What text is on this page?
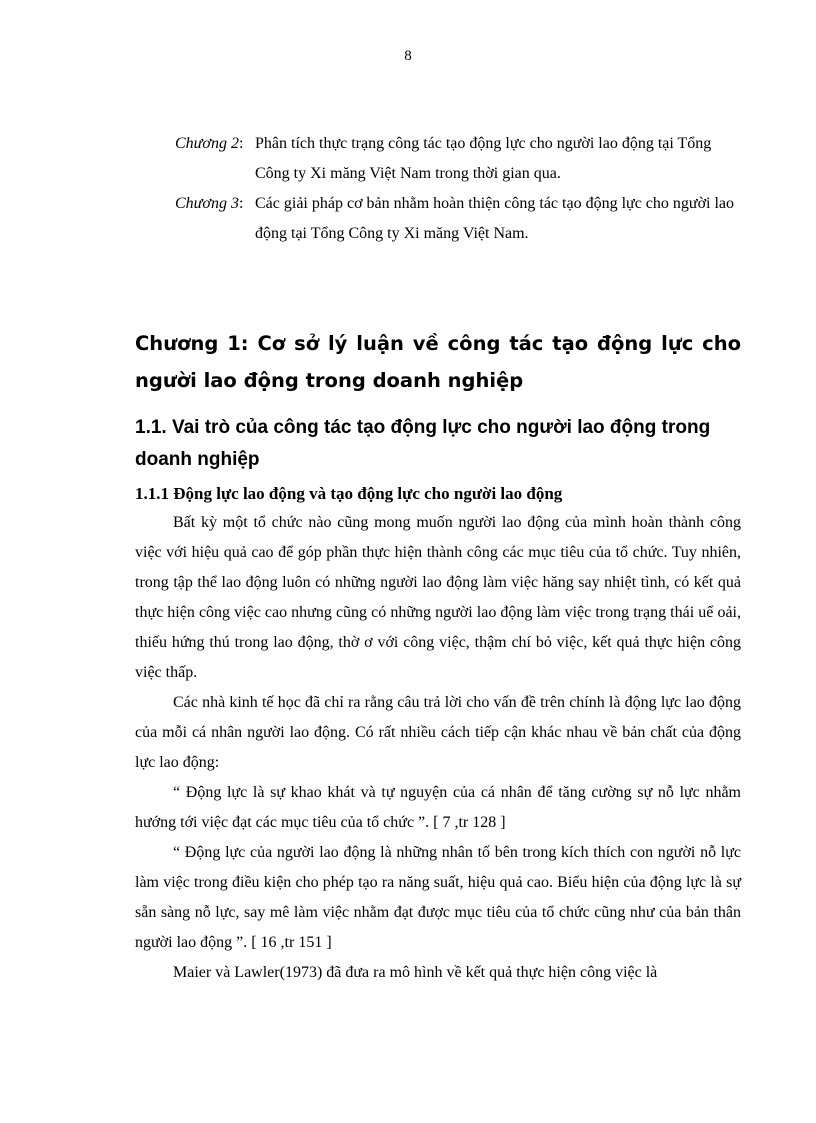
8
Chương 2: Phân tích thực trạng công tác tạo động lực cho người lao động tại Tổng Công ty Xi măng Việt Nam trong thời gian qua.
Chương 3: Các giải pháp cơ bản nhằm hoàn thiện công tác tạo động lực cho người lao động tại Tổng Công ty Xi măng Việt Nam.
Chương 1: Cơ sở lý luận về công tác tạo động lực cho người lao động trong doanh nghiệp
1.1. Vai trò của công tác tạo động lực cho người lao động trong doanh nghiệp
1.1.1 Động lực lao động và tạo động lực cho người lao động

Bất kỳ một tổ chức nào cũng mong muốn người lao động của mình hoàn thành công việc với hiệu quả cao để góp phần thực hiện thành công các mục tiêu của tổ chức. Tuy nhiên, trong tập thể lao động luôn có những người lao động làm việc hăng say nhiệt tình, có kết quả thực hiện công việc cao nhưng cũng có những người lao động làm việc trong trạng thái uể oải, thiếu hứng thú trong lao động, thờ ơ với công việc, thậm chí bỏ việc, kết quả thực hiện công việc thấp.

Các nhà kinh tế học đã chỉ ra rằng câu trả lời cho vấn đề trên chính là động lực lao động của mỗi cá nhân người lao động. Có rất nhiều cách tiếp cận khác nhau về bản chất của động lực lao động:

“ Động lực là sự khao khát và tự nguyện của cá nhân để tăng cường sự nỗ lực nhằm hướng tới việc đạt các mục tiêu của tổ chức ”. [ 7 ,tr 128 ]

“ Động lực của người lao động là những nhân tố bên trong kích thích con người nỗ lực làm việc trong điều kiện cho phép tạo ra năng suất, hiệu quả cao. Biểu hiện của động lực là sự sẵn sàng nỗ lực, say mê làm việc nhằm đạt được mục tiêu của tổ chức cũng như của bản thân người lao động ”. [ 16 ,tr 151 ]

Maier và Lawler(1973) đã đưa ra mô hình về kết quả thực hiện công việc là
